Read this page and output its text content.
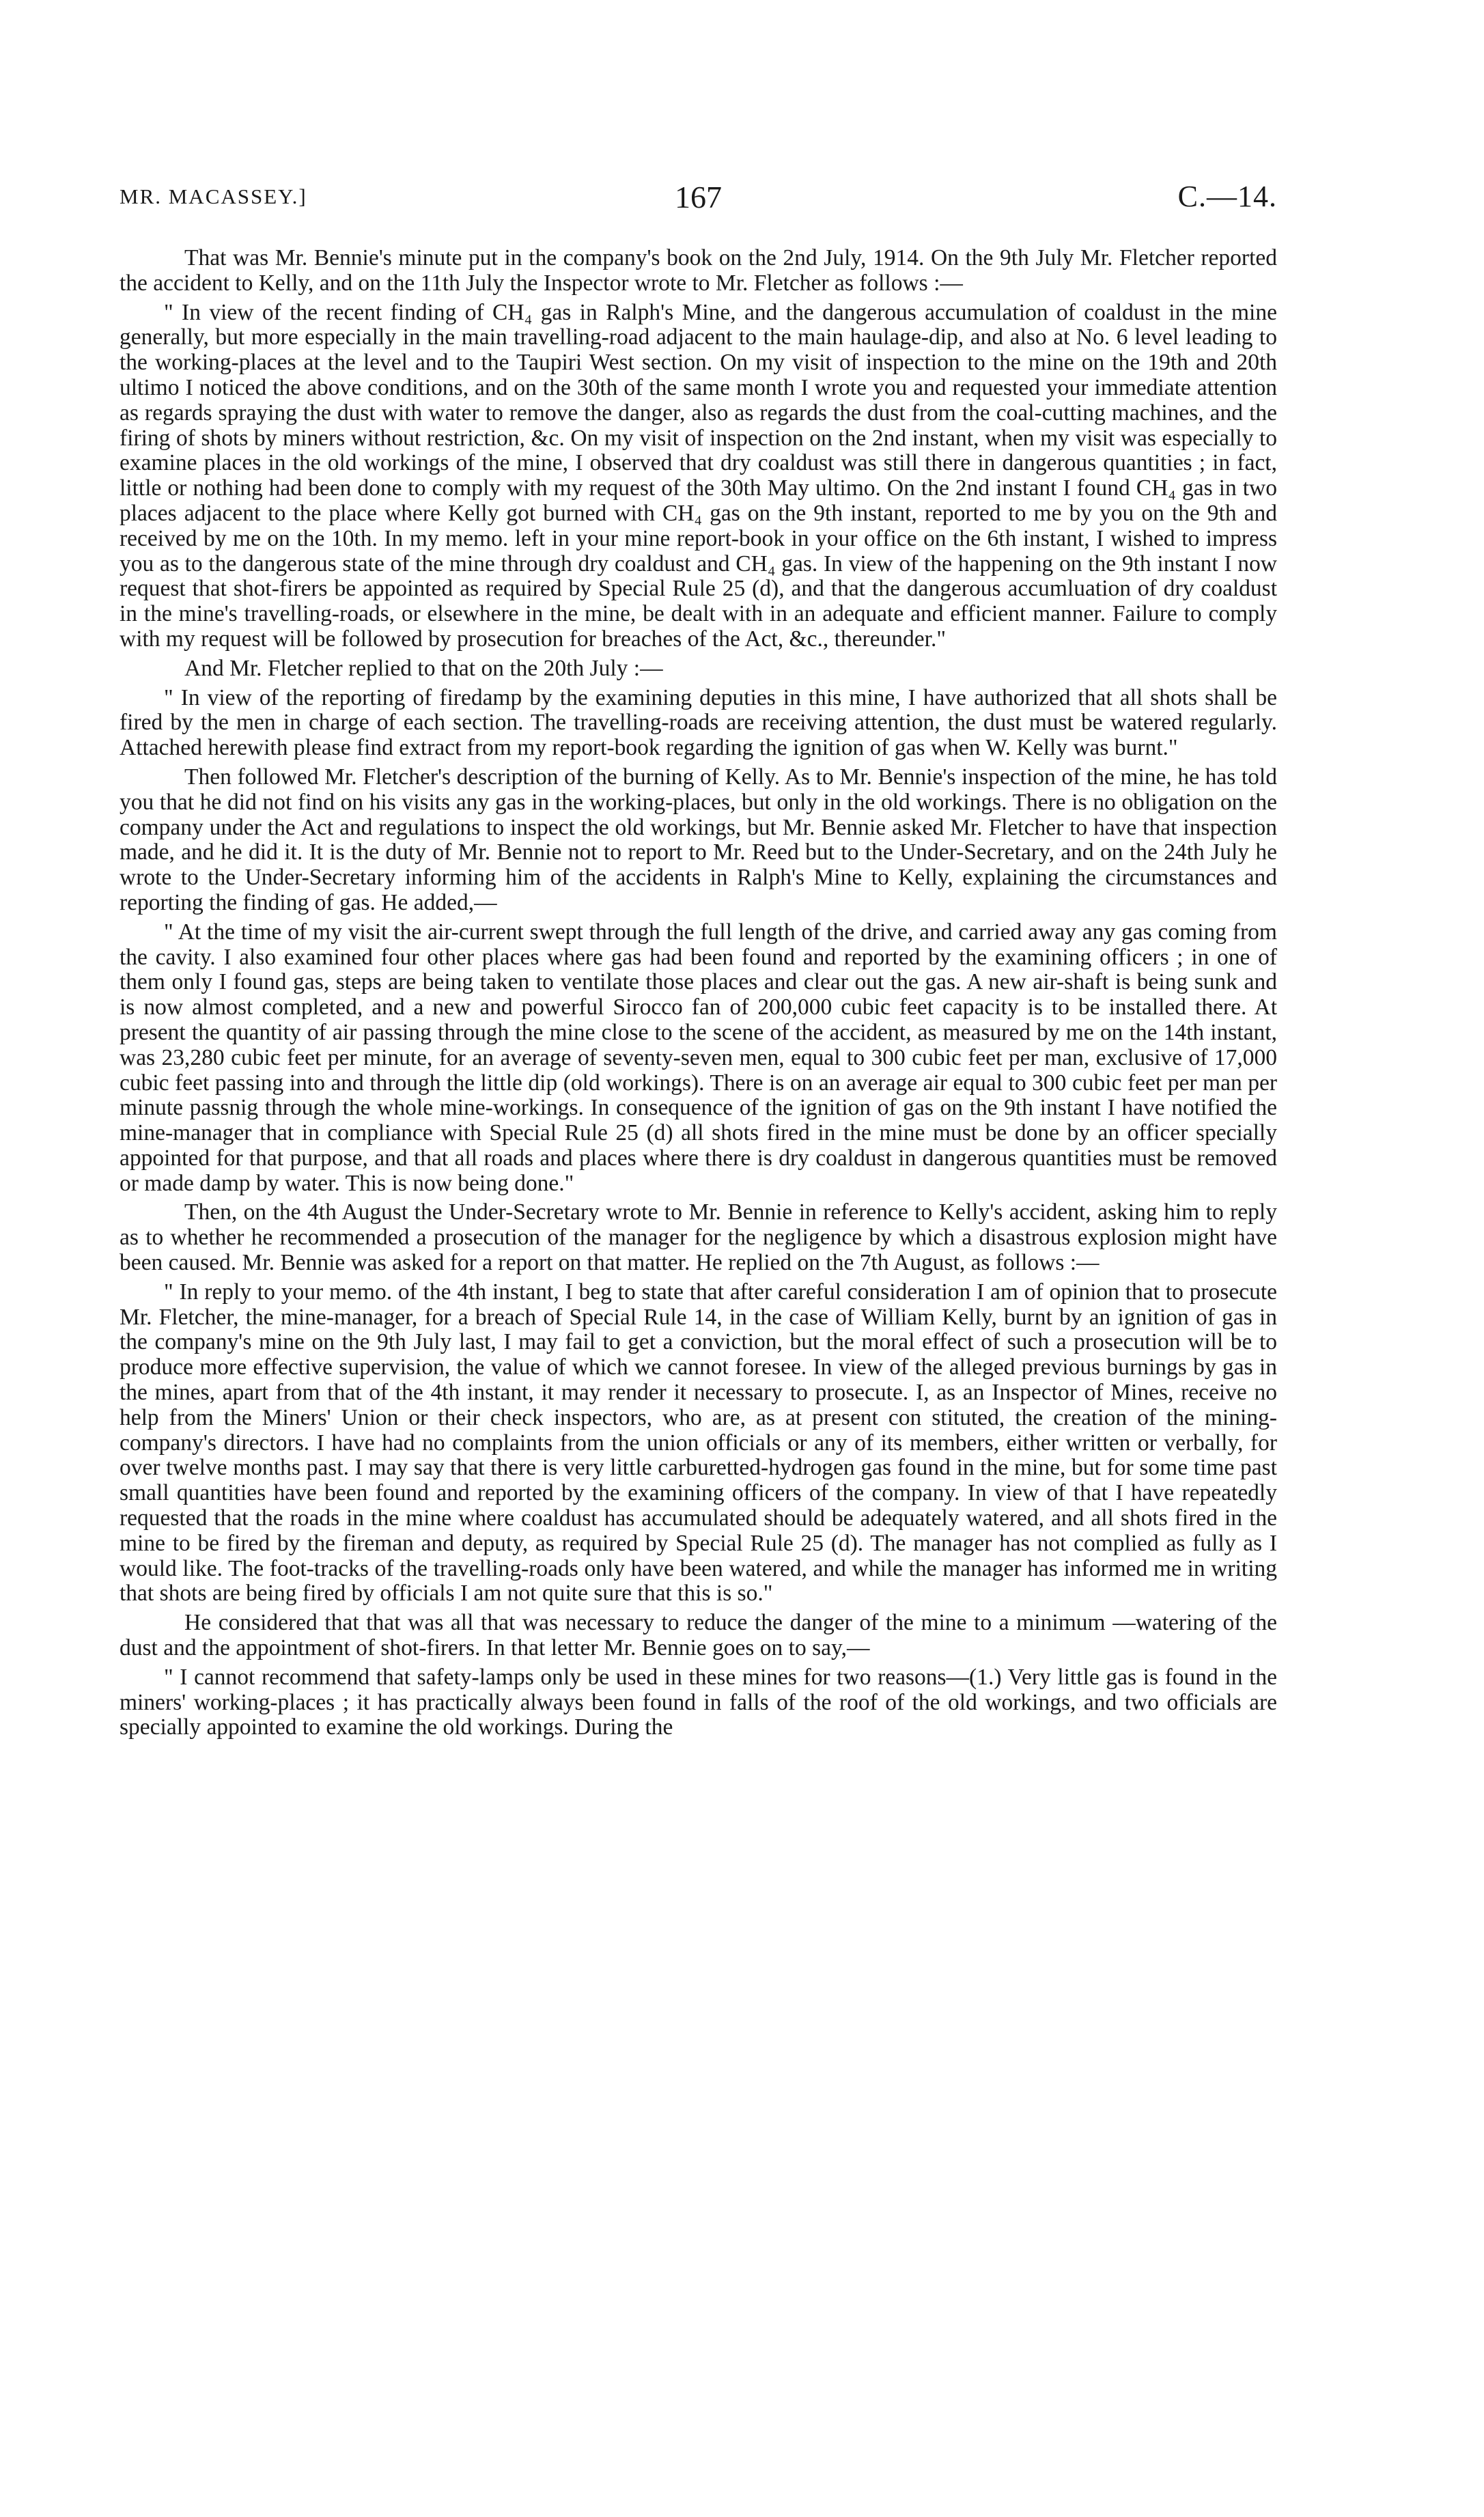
MR. MACASSEY.]	167	C.—14.

That was Mr. Bennie's minute put in the company's book on the 2nd July, 1914. On the 9th July Mr. Fletcher reported the accident to Kelly, and on the 11th July the Inspector wrote to Mr. Fletcher as follows :—

" In view of the recent finding of CH₄ gas in Ralph's Mine, and the dangerous accumulation of coaldust in the mine generally, but more especially in the main travelling-road adjacent to the main haulage-dip, and also at No. 6 level leading to the working-places at the level and to the Taupiri West section. On my visit of inspection to the mine on the 19th and 20th ultimo I noticed the above conditions, and on the 30th of the same month I wrote you and requested your immediate attention as regards spraying the dust with water to remove the danger, also as regards the dust from the coal-cutting machines, and the firing of shots by miners without restriction, &c. On my visit of inspection on the 2nd instant, when my visit was especially to examine places in the old workings of the mine, I observed that dry coaldust was still there in dangerous quantities ; in fact, little or nothing had been done to comply with my request of the 30th May ultimo. On the 2nd instant I found CH₄ gas in two places adjacent to the place where Kelly got burned with CH₄ gas on the 9th instant, reported to me by you on the 9th and received by me on the 10th. In my memo. left in your mine report-book in your office on the 6th instant, I wished to impress you as to the dangerous state of the mine through dry coaldust and CH₄ gas. In view of the happening on the 9th instant I now request that shot-firers be appointed as required by Special Rule 25 (d), and that the dangerous accumluation of dry coaldust in the mine's travelling-roads, or elsewhere in the mine, be dealt with in an adequate and efficient manner. Failure to comply with my request will be followed by prosecution for breaches of the Act, &c., thereunder."

And Mr. Fletcher replied to that on the 20th July :—

" In view of the reporting of firedamp by the examining deputies in this mine, I have authorized that all shots shall be fired by the men in charge of each section. The travelling-roads are receiving attention, the dust must be watered regularly. Attached herewith please find extract from my report-book regarding the ignition of gas when W. Kelly was burnt."

Then followed Mr. Fletcher's description of the burning of Kelly. As to Mr. Bennie's inspection of the mine, he has told you that he did not find on his visits any gas in the working-places, but only in the old workings. There is no obligation on the company under the Act and regulations to inspect the old workings, but Mr. Bennie asked Mr. Fletcher to have that inspection made, and he did it. It is the duty of Mr. Bennie not to report to Mr. Reed but to the Under-Secretary, and on the 24th July he wrote to the Under-Secretary informing him of the accidents in Ralph's Mine to Kelly, explaining the circumstances and reporting the finding of gas. He added,—

" At the time of my visit the air-current swept through the full length of the drive, and carried away any gas coming from the cavity. I also examined four other places where gas had been found and reported by the examining officers ; in one of them only I found gas, steps are being taken to ventilate those places and clear out the gas. A new air-shaft is being sunk and is now almost completed, and a new and powerful Sirocco fan of 200,000 cubic feet capacity is to be installed there. At present the quantity of air passing through the mine close to the scene of the accident, as measured by me on the 14th instant, was 23,280 cubic feet per minute, for an average of seventy-seven men, equal to 300 cubic feet per man, exclusive of 17,000 cubic feet passing into and through the little dip (old workings). There is on an average air equal to 300 cubic feet per man per minute passnig through the whole mine-workings. In consequence of the ignition of gas on the 9th instant I have notified the mine-manager that in compliance with Special Rule 25 (d) all shots fired in the mine must be done by an officer specially appointed for that purpose, and that all roads and places where there is dry coaldust in dangerous quantities must be removed or made damp by water. This is now being done."

Then, on the 4th August the Under-Secretary wrote to Mr. Bennie in reference to Kelly's accident, asking him to reply as to whether he recommended a prosecution of the manager for the negligence by which a disastrous explosion might have been caused. Mr. Bennie was asked for a report on that matter. He replied on the 7th August, as follows :—

" In reply to your memo. of the 4th instant, I beg to state that after careful consideration I am of opinion that to prosecute Mr. Fletcher, the mine-manager, for a breach of Special Rule 14, in the case of William Kelly, burnt by an ignition of gas in the company's mine on the 9th July last, I may fail to get a conviction, but the moral effect of such a prosecution will be to produce more effective supervision, the value of which we cannot foresee. In view of the alleged previous burnings by gas in the mines, apart from that of the 4th instant, it may render it necessary to prosecute. I, as an Inspector of Mines, receive no help from the Miners' Union or their check inspectors, who are, as at present con stituted, the creation of the mining-company's directors. I have had no complaints from the union officials or any of its members, either written or verbally, for over twelve months past. I may say that there is very little carburetted-hydrogen gas found in the mine, but for some time past small quantities have been found and reported by the examining officers of the company. In view of that I have repeatedly requested that the roads in the mine where coaldust has accumulated should be adequately watered, and all shots fired in the mine to be fired by the fireman and deputy, as required by Special Rule 25 (d). The manager has not complied as fully as I would like. The foot-tracks of the travelling-roads only have been watered, and while the manager has informed me in writing that shots are being fired by officials I am not quite sure that this is so."

He considered that that was all that was necessary to reduce the danger of the mine to a minimum —watering of the dust and the appointment of shot-firers. In that letter Mr. Bennie goes on to say,—

" I cannot recommend that safety-lamps only be used in these mines for two reasons—(1.) Very little gas is found in the miners' working-places ; it has practically always been found in falls of the roof of the old workings, and two officials are specially appointed to examine the old workings. During the
